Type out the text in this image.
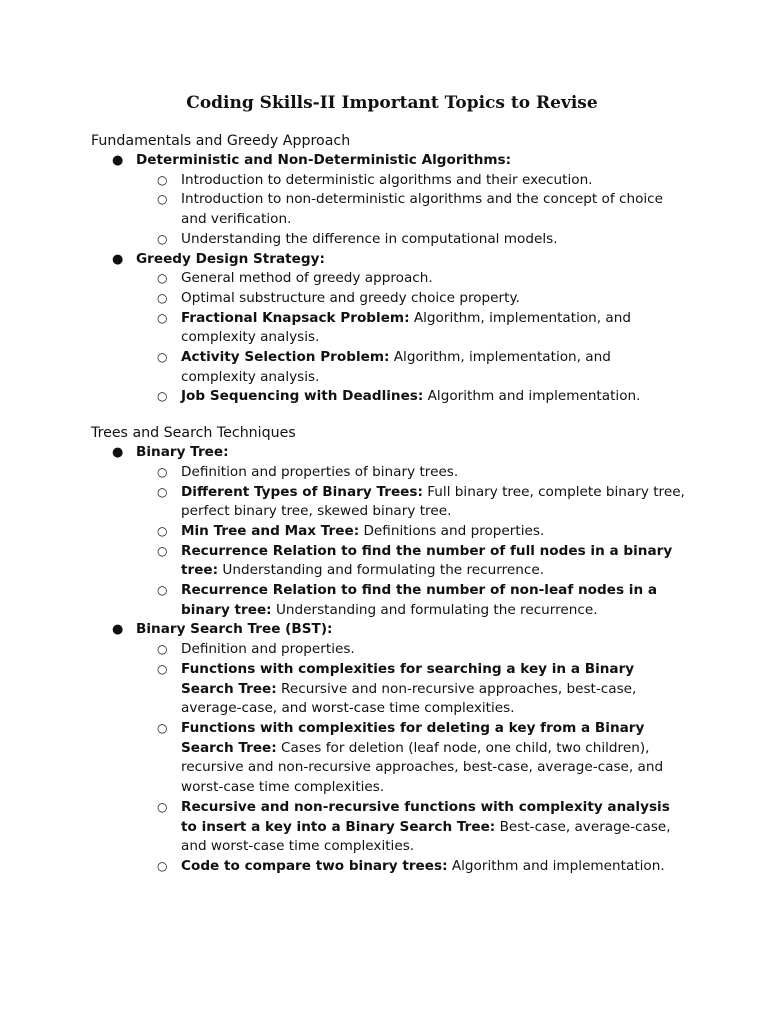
Coding Skills-II Important Topics to Revise
Fundamentals and Greedy Approach
● Deterministic and Non-Deterministic Algorithms:
○ Introduction to deterministic algorithms and their execution.
○ Introduction to non-deterministic algorithms and the concept of choice and verification.
○ Understanding the difference in computational models.
● Greedy Design Strategy:
○ General method of greedy approach.
○ Optimal substructure and greedy choice property.
○ Fractional Knapsack Problem: Algorithm, implementation, and complexity analysis.
○ Activity Selection Problem: Algorithm, implementation, and complexity analysis.
○ Job Sequencing with Deadlines: Algorithm and implementation.
Trees and Search Techniques
● Binary Tree:
○ Definition and properties of binary trees.
○ Different Types of Binary Trees: Full binary tree, complete binary tree, perfect binary tree, skewed binary tree.
○ Min Tree and Max Tree: Definitions and properties.
○ Recurrence Relation to find the number of full nodes in a binary tree: Understanding and formulating the recurrence.
○ Recurrence Relation to find the number of non-leaf nodes in a binary tree: Understanding and formulating the recurrence.
● Binary Search Tree (BST):
○ Definition and properties.
○ Functions with complexities for searching a key in a Binary Search Tree: Recursive and non-recursive approaches, best-case, average-case, and worst-case time complexities.
○ Functions with complexities for deleting a key from a Binary Search Tree: Cases for deletion (leaf node, one child, two children), recursive and non-recursive approaches, best-case, average-case, and worst-case time complexities.
○ Recursive and non-recursive functions with complexity analysis to insert a key into a Binary Search Tree: Best-case, average-case, and worst-case time complexities.
○ Code to compare two binary trees: Algorithm and implementation.
